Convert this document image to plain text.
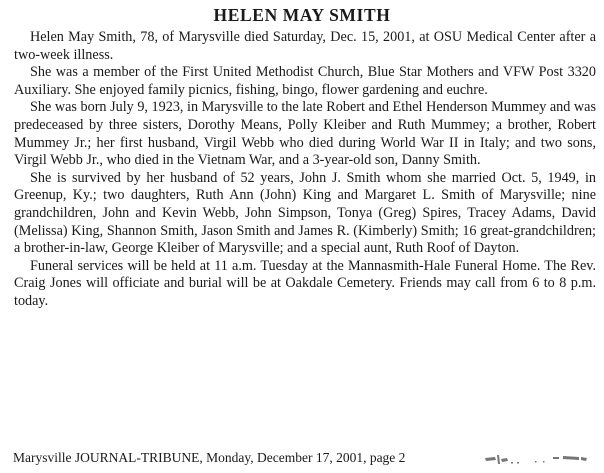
HELEN MAY SMITH

Helen May Smith, 78, of Marysville died Saturday, Dec. 15, 2001, at OSU Medical Center after a two-week illness.

She was a member of the First United Methodist Church, Blue Star Mothers and VFW Post 3320 Auxiliary. She enjoyed family picnics, fishing, bingo, flower gardening and euchre.

She was born July 9, 1923, in Marysville to the late Robert and Ethel Henderson Mummey and was predeceased by three sisters, Dorothy Means, Polly Kleiber and Ruth Mummey; a brother, Robert Mummey Jr.; her first husband, Virgil Webb who died during World War II in Italy; and two sons, Virgil Webb Jr., who died in the Vietnam War, and a 3-year-old son, Danny Smith.

She is survived by her husband of 52 years, John J. Smith whom she married Oct. 5, 1949, in Greenup, Ky.; two daughters, Ruth Ann (John) King and Margaret L. Smith of Marysville; nine grandchildren, John and Kevin Webb, John Simpson, Tonya (Greg) Spires, Tracey Adams, David (Melissa) King, Shannon Smith, Jason Smith and James R. (Kimberly) Smith; 16 great-grandchildren; a brother-in-law, George Kleiber of Marysville; and a special aunt, Ruth Roof of Dayton.

Funeral services will be held at 11 a.m. Tuesday at the Mannasmith-Hale Funeral Home. The Rev. Craig Jones will officiate and burial will be at Oakdale Cemetery. Friends may call from 6 to 8 p.m. today.

Marysville JOURNAL-TRIBUNE, Monday, December 17, 2001, page 2
